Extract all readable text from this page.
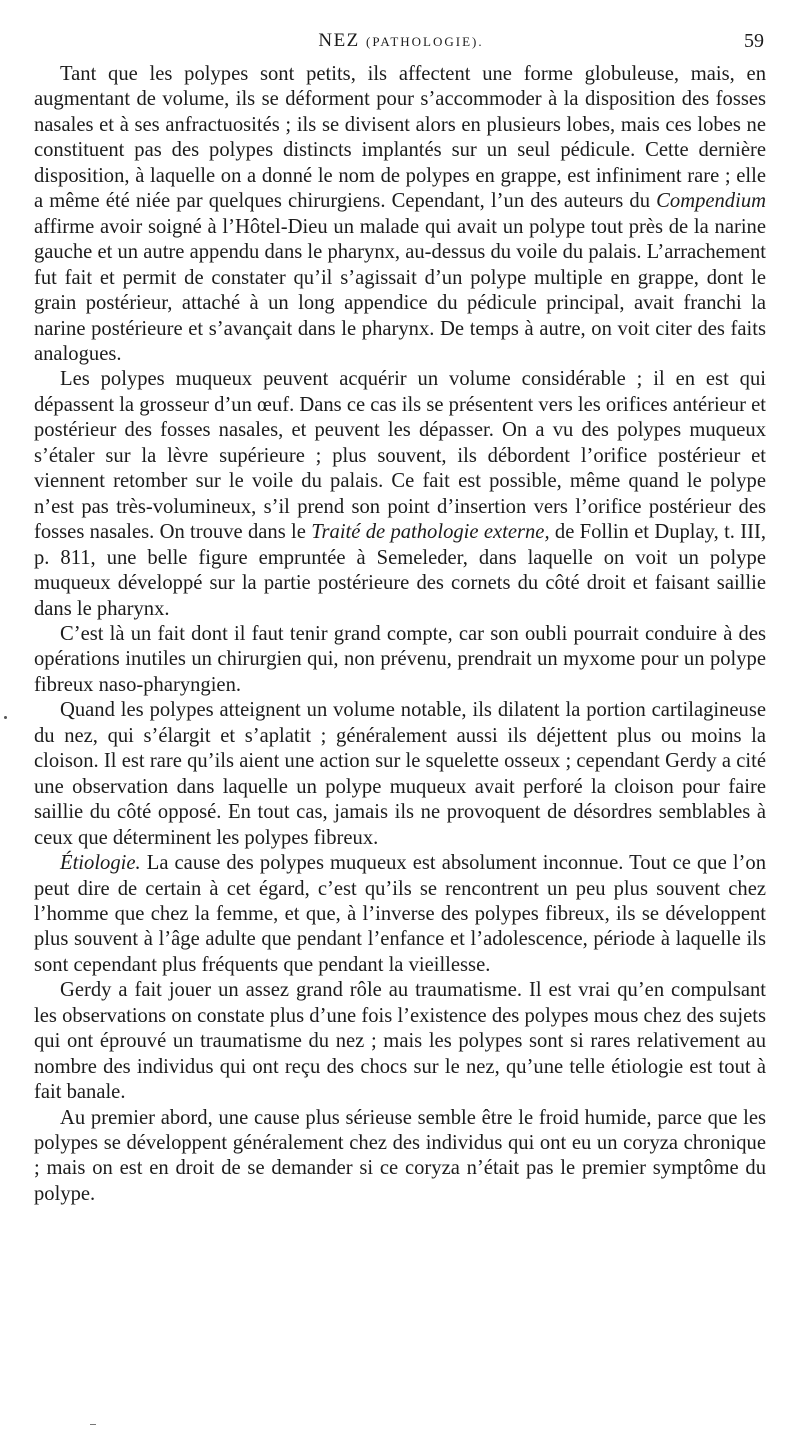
NEZ (PATHOLOGIE).	59

Tant que les polypes sont petits, ils affectent une forme globuleuse, mais, en augmentant de volume, ils se déforment pour s’accommoder à la disposition des fosses nasales et à ses anfractuosités ; ils se divisent alors en plusieurs lobes, mais ces lobes ne constituent pas des polypes distincts implantés sur un seul pédicule. Cette dernière disposition, à laquelle on a donné le nom de polypes en grappe, est infiniment rare ; elle a même été niée par quelques chirurgiens. Cependant, l’un des auteurs du Compendium affirme avoir soigné à l’Hôtel-Dieu un malade qui avait un polype tout près de la narine gauche et un autre appendu dans le pharynx, au-dessus du voile du palais. L’arrachement fut fait et permit de constater qu’il s’agissait d’un polype multiple en grappe, dont le grain postérieur, attaché à un long appendice du pédicule principal, avait franchi la narine postérieure et s’avançait dans le pharynx. De temps à autre, on voit citer des faits analogues.

Les polypes muqueux peuvent acquérir un volume considérable ; il en est qui dépassent la grosseur d’un œuf. Dans ce cas ils se présentent vers les orifices antérieur et postérieur des fosses nasales, et peuvent les dépasser. On a vu des polypes muqueux s’étaler sur la lèvre supérieure ; plus souvent, ils débordent l’orifice postérieur et viennent retomber sur le voile du palais. Ce fait est possible, même quand le polype n’est pas très-volumineux, s’il prend son point d’insertion vers l’orifice postérieur des fosses nasales. On trouve dans le Traité de pathologie externe, de Follin et Duplay, t. III, p. 811, une belle figure empruntée à Semeleder, dans laquelle on voit un polype muqueux développé sur la partie postérieure des cornets du côté droit et faisant saillie dans le pharynx.

C’est là un fait dont il faut tenir grand compte, car son oubli pourrait conduire à des opérations inutiles un chirurgien qui, non prévenu, prendrait un myxome pour un polype fibreux naso-pharyngien.

Quand les polypes atteignent un volume notable, ils dilatent la portion cartilagineuse du nez, qui s’élargit et s’aplatit ; généralement aussi ils déjettent plus ou moins la cloison. Il est rare qu’ils aient une action sur le squelette osseux ; cependant Gerdy a cité une observation dans laquelle un polype muqueux avait perforé la cloison pour faire saillie du côté opposé. En tout cas, jamais ils ne provoquent de désordres semblables à ceux que déterminent les polypes fibreux.

Étiologie. La cause des polypes muqueux est absolument inconnue. Tout ce que l’on peut dire de certain à cet égard, c’est qu’ils se rencontrent un peu plus souvent chez l’homme que chez la femme, et que, à l’inverse des polypes fibreux, ils se développent plus souvent à l’âge adulte que pendant l’enfance et l’adolescence, période à laquelle ils sont cependant plus fréquents que pendant la vieillesse.

Gerdy a fait jouer un assez grand rôle au traumatisme. Il est vrai qu’en compulsant les observations on constate plus d’une fois l’existence des polypes mous chez des sujets qui ont éprouvé un traumatisme du nez ; mais les polypes sont si rares relativement au nombre des individus qui ont reçu des chocs sur le nez, qu’une telle étiologie est tout à fait banale.

Au premier abord, une cause plus sérieuse semble être le froid humide, parce que les polypes se développent généralement chez des individus qui ont eu un coryza chronique ; mais on est en droit de se demander si ce coryza n’était pas le premier symptôme du polype.
